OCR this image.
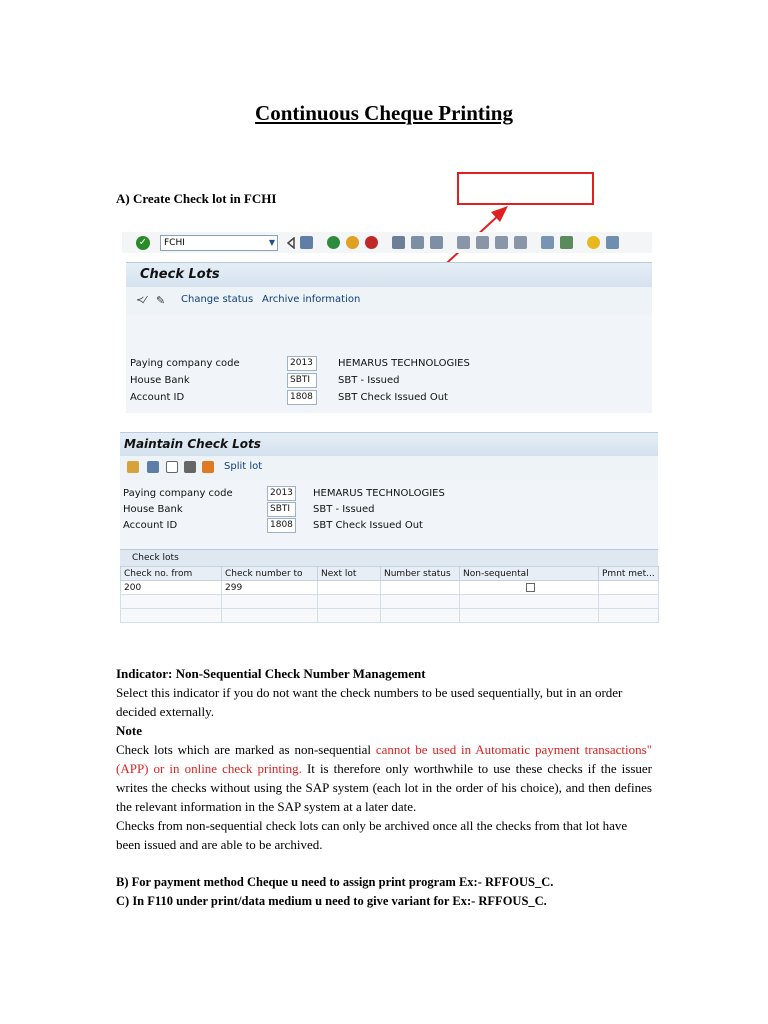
Continuous Cheque Printing
A) Create Check lot in FCHI
✓	FCHI	▼
Check Lots
≺⁄ ✎ Change status Archive information
Paying company code	2013	HEMARUS TECHNOLOGIES
House Bank	SBTI	SBT - Issued
Account ID	1808	SBT Check Issued Out
Maintain Check Lots
Split lot
Paying company code	2013	HEMARUS TECHNOLOGIES
House Bank	SBTI	SBT - Issued
Account ID	1808	SBT Check Issued Out
Check lots
Check no. from	Check number to	Next lot	Number status	Non-sequental	Pmnt met...
200	299				

Indicator: Non-Sequential Check Number Management
Select this indicator if you do not want the check numbers to be used sequentially, but in an order decided externally.
Note
Check lots which are marked as non-sequential cannot be used in Automatic payment transactions" (APP) or in online check printing. It is therefore only worthwhile to use these checks if the issuer writes the checks without using the SAP system (each lot in the order of his choice), and then defines the relevant information in the SAP system at a later date.
Checks from non-sequential check lots can only be archived once all the checks from that lot have been issued and are able to be archived.
B) For payment method Cheque u need to assign print program Ex:- RFFOUS_C.
C) In F110 under print/data medium u need to give variant for Ex:- RFFOUS_C.
